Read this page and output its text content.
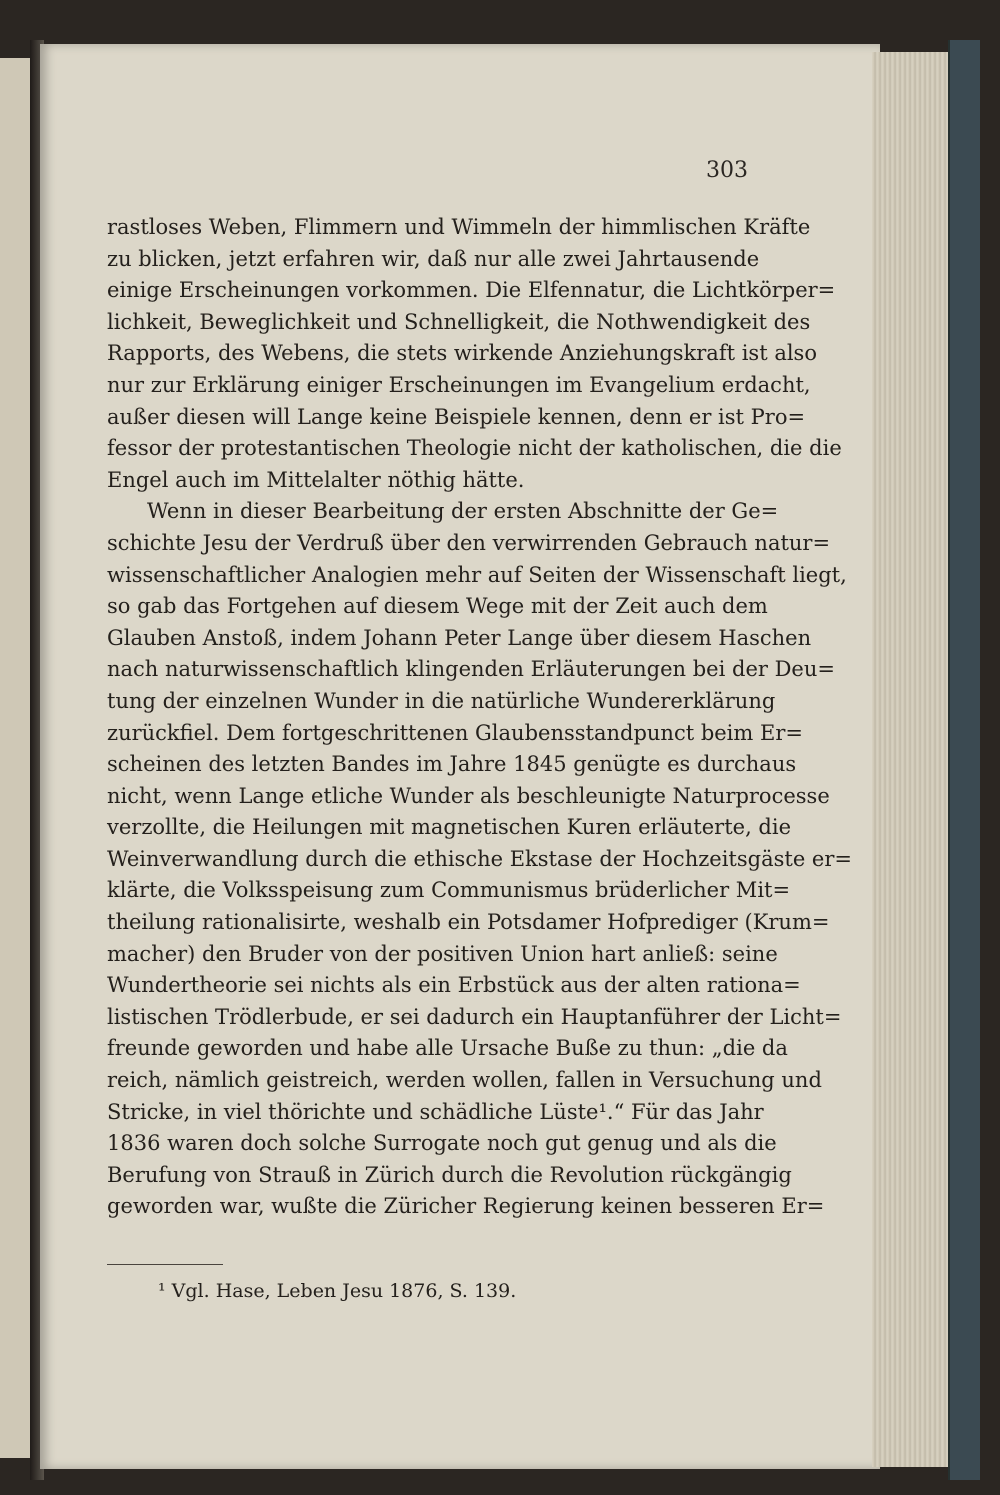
303
rastloses Weben, Flimmern und Wimmeln der himmlischen Kräfte
zu blicken, jetzt erfahren wir, daß nur alle zwei Jahrtausende
einige Erscheinungen vorkommen. Die Elfennatur, die Lichtkörper=
lichkeit, Beweglichkeit und Schnelligkeit, die Nothwendigkeit des
Rapports, des Webens, die stets wirkende Anziehungskraft ist also
nur zur Erklärung einiger Erscheinungen im Evangelium erdacht,
außer diesen will Lange keine Beispiele kennen, denn er ist Pro=
fessor der protestantischen Theologie nicht der katholischen, die die
Engel auch im Mittelalter nöthig hätte.
Wenn in dieser Bearbeitung der ersten Abschnitte der Ge=
schichte Jesu der Verdruß über den verwirrenden Gebrauch natur=
wissenschaftlicher Analogien mehr auf Seiten der Wissenschaft liegt,
so gab das Fortgehen auf diesem Wege mit der Zeit auch dem
Glauben Anstoß, indem Johann Peter Lange über diesem Haschen
nach naturwissenschaftlich klingenden Erläuterungen bei der Deu=
tung der einzelnen Wunder in die natürliche Wundererklärung
zurückfiel. Dem fortgeschrittenen Glaubensstandpunct beim Er=
scheinen des letzten Bandes im Jahre 1845 genügte es durchaus
nicht, wenn Lange etliche Wunder als beschleunigte Naturprocesse
verzollte, die Heilungen mit magnetischen Kuren erläuterte, die
Weinverwandlung durch die ethische Ekstase der Hochzeitsgäste er=
klärte, die Volksspeisung zum Communismus brüderlicher Mit=
theilung rationalisirte, weshalb ein Potsdamer Hofprediger (Krum=
macher) den Bruder von der positiven Union hart anließ: seine
Wundertheorie sei nichts als ein Erbstück aus der alten rationa=
listischen Trödlerbude, er sei dadurch ein Hauptanführer der Licht=
freunde geworden und habe alle Ursache Buße zu thun: „die da
reich, nämlich geistreich, werden wollen, fallen in Versuchung und
Stricke, in viel thörichte und schädliche Lüste¹.“ Für das Jahr
1836 waren doch solche Surrogate noch gut genug und als die
Berufung von Strauß in Zürich durch die Revolution rückgängig
geworden war, wußte die Züricher Regierung keinen besseren Er=
¹ Vgl. Hase, Leben Jesu 1876, S. 139.
